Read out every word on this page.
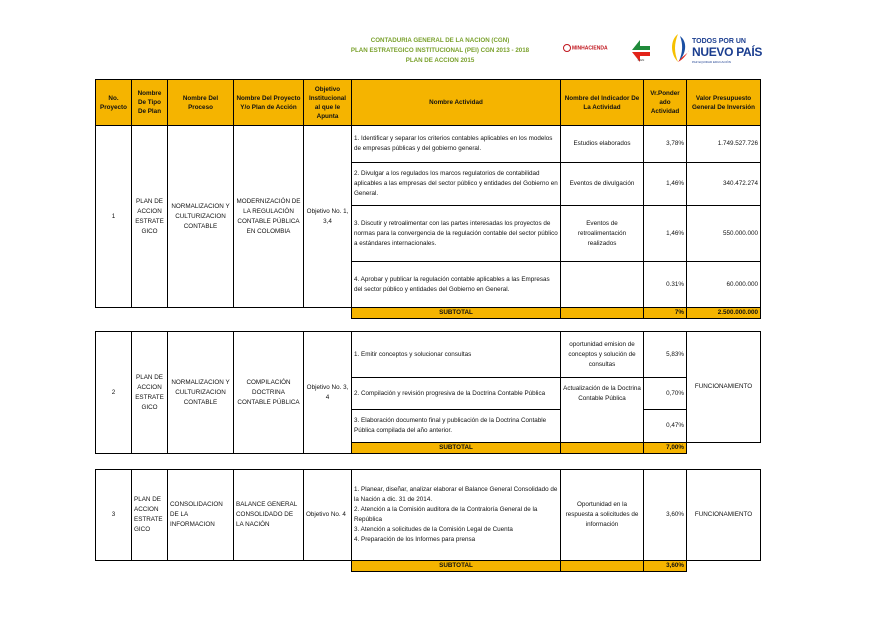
CONTADURIA GENERAL DE LA NACION (CGN)
PLAN ESTRATEGICO INSTITUCIONAL (PEI) CGN 2013 - 2018
PLAN DE ACCION 2015
MINHACIENDA
CGN
TODOS POR UN
NUEVO PAÍS
PAZ EQUIDAD EDUCACIÓN
No. Proyecto	Nombre De Tipo De Plan	Nombre Del Proceso	Nombre Del Proyecto Y/o Plan de Acción	Objetivo Institucional al que le Apunta	Nombre Actividad	Nombre del Indicador De La Actividad	Vr.Ponder ado Actividad	Valor Presupuesto General De Inversión
1	PLAN DE ACCION ESTRATE GICO	NORMALIZACION Y CULTURIZACION CONTABLE	MODERNIZACIÓN DE LA REGULACIÓN CONTABLE PÚBLICA EN COLOMBIA	Objetivo No. 1, 3,4	1. Identificar y separar los criterios contables aplicables en los modelos de empresas públicas y del gobierno general.	Estudios elaborados	3,78%	1.749.527.726
					2. Divulgar a los regulados los marcos regulatorios de contabilidad aplicables a las empresas del sector público y entidades del Gobierno en General.	Eventos de divulgación	1,46%	340.472.274
					3. Discutir y retroalimentar con las partes interesadas los proyectos de normas para la convergencia de la regulación contable del sector público a estándares internacionales.	Eventos de retroalimentación realizados	1,46%	550.000.000
					4. Aprobar y publicar la regulación contable aplicables a las Empresas del sector público y entidades del Gobierno en General.		0.31%	60.000.000
					SUBTOTAL		7%	2.500.000.000
2	PLAN DE ACCION ESTRATE GICO	NORMALIZACION Y CULTURIZACION CONTABLE	COMPILACIÓN DOCTRINA CONTABLE PÚBLICA	Objetivo No. 3, 4	1. Emitir conceptos y solucionar consultas	oportunidad emision de conceptos y solución de consultas	5,83%	FUNCIONAMIENTO
					2. Compilación y revisión progresiva de la Doctrina Contable Pública	Actualización de la Doctrina Contable Pública	0,70%	
					3. Elaboración documento final y publicación de la Doctrina Contable Pública compilada del año anterior.		0,47%	
					SUBTOTAL		7,00%	
3	PLAN DE ACCION ESTRATE GICO	CONSOLIDACION DE LA INFORMACION	BALANCE GENERAL CONSOLIDADO DE LA NACIÓN	Objetivo No. 4	1. Planear, diseñar, analizar elaborar el Balance General Consolidado de la Nación a dic. 31 de 2014.
2. Atención a la Comisión auditora de la Contraloría General de la República
3. Atención a solicitudes de la Comisión Legal de Cuenta
4. Preparación de los Informes para prensa	Oportunidad en la respuesta a solicitudes de información	3,60%	FUNCIONAMIENTO
					SUBTOTAL		3,60%	
